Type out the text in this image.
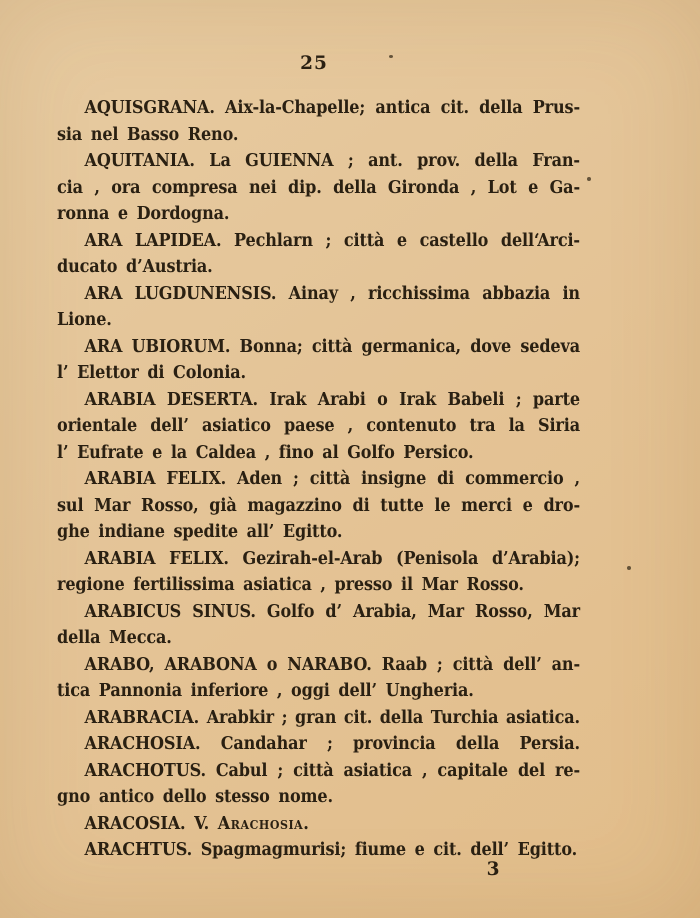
25
AQUISGRANA. Aix-la-Chapelle; antica cit. della Prus-
sia nel Basso Reno.
AQUITANIA. La GUIENNA ; ant. prov. della Fran-
cia , ora compresa nei dip. della Gironda , Lot e Ga-
ronna e Dordogna.
ARA LAPIDEA. Pechlarn ; città e castello dell‘Arci-
ducato d’Austria.
ARA LUGDUNENSIS. Ainay , ricchissima abbazia in
Lione.
ARA UBIORUM. Bonna; città germanica, dove sedeva
l’ Elettor di Colonia.
ARABIA DESERTA. Irak Arabi o Irak Babeli ; parte
orientale dell’ asiatico paese , contenuto tra la Siria
l’ Eufrate e la Caldea , fino al Golfo Persico.
ARABIA FELIX. Aden ; città insigne di commercio ,
sul Mar Rosso, già magazzino di tutte le merci e dro-
ghe indiane spedite all’ Egitto.
ARABIA FELIX. Gezirah-el-Arab (Penisola d’Arabia);
regione fertilissima asiatica , presso il Mar Rosso.
ARABICUS SINUS. Golfo d’ Arabia, Mar Rosso, Mar
della Mecca.
ARABO, ARABONA o NARABO. Raab ; città dell’ an-
tica Pannonia inferiore , oggi dell’ Ungheria.
ARABRACIA. Arabkir ; gran cit. della Turchia asiatica.
ARACHOSIA. Candahar ; provincia della Persia.
ARACHOTUS. Cabul ; città asiatica , capitale del re-
gno antico dello stesso nome.
ARACOSIA. V. Arachosia.
ARACHTUS. Spagmagmurisi; fiume e cit. dell’ Egitto.
3
